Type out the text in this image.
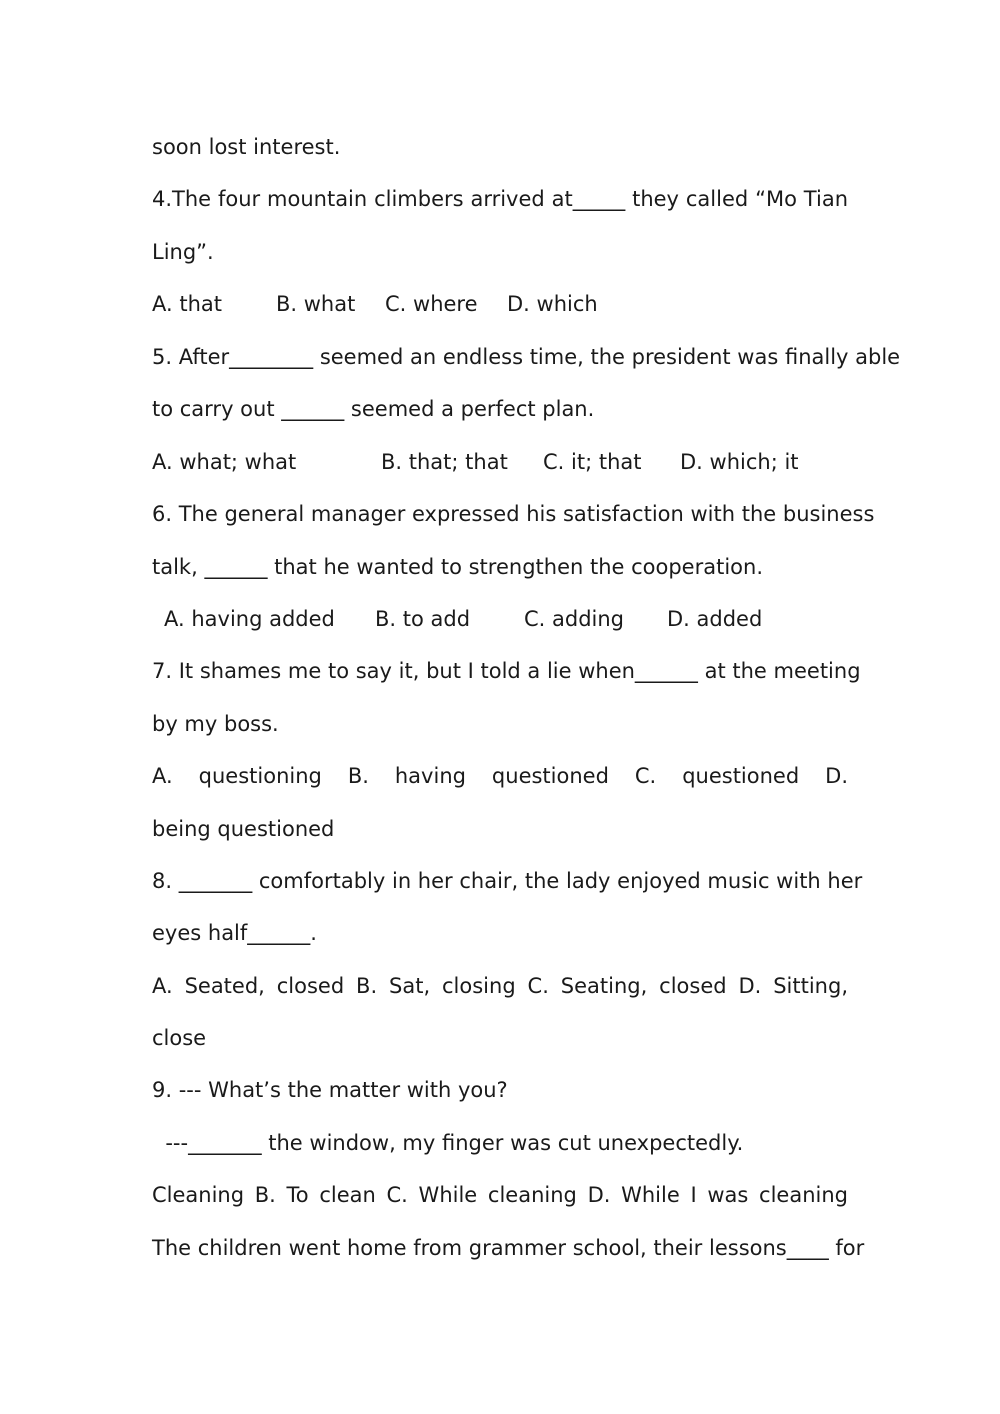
soon lost interest.
4.The four mountain climbers arrived at_____ they called “Mo Tian
Ling”.
A. that	B. what C. where D. which
5. After________ seemed an endless time, the president was finally able
to carry out ______ seemed a perfect plan.
A. what; what	B. that; that C. it; that D. which; it
6. The general manager expressed his satisfaction with the business
talk, ______ that he wanted to strengthen the cooperation.
A. having added B. to add	C. adding D. added
7. It shames me to say it, but I told a lie when______ at the meeting
by my boss.
A. questioning B. having questioned C. questioned D.
being questioned
8. _______ comfortably in her chair, the lady enjoyed music with her
eyes half______.
A. Seated, closed B. Sat, closing C. Seating, closed D. Sitting,
close
9. --- What’s the matter with you?
---_______ the window, my finger was cut unexpectedly.
Cleaning B. To clean C. While cleaning D. While I was cleaning
The children went home from grammer school, their lessons____ for
